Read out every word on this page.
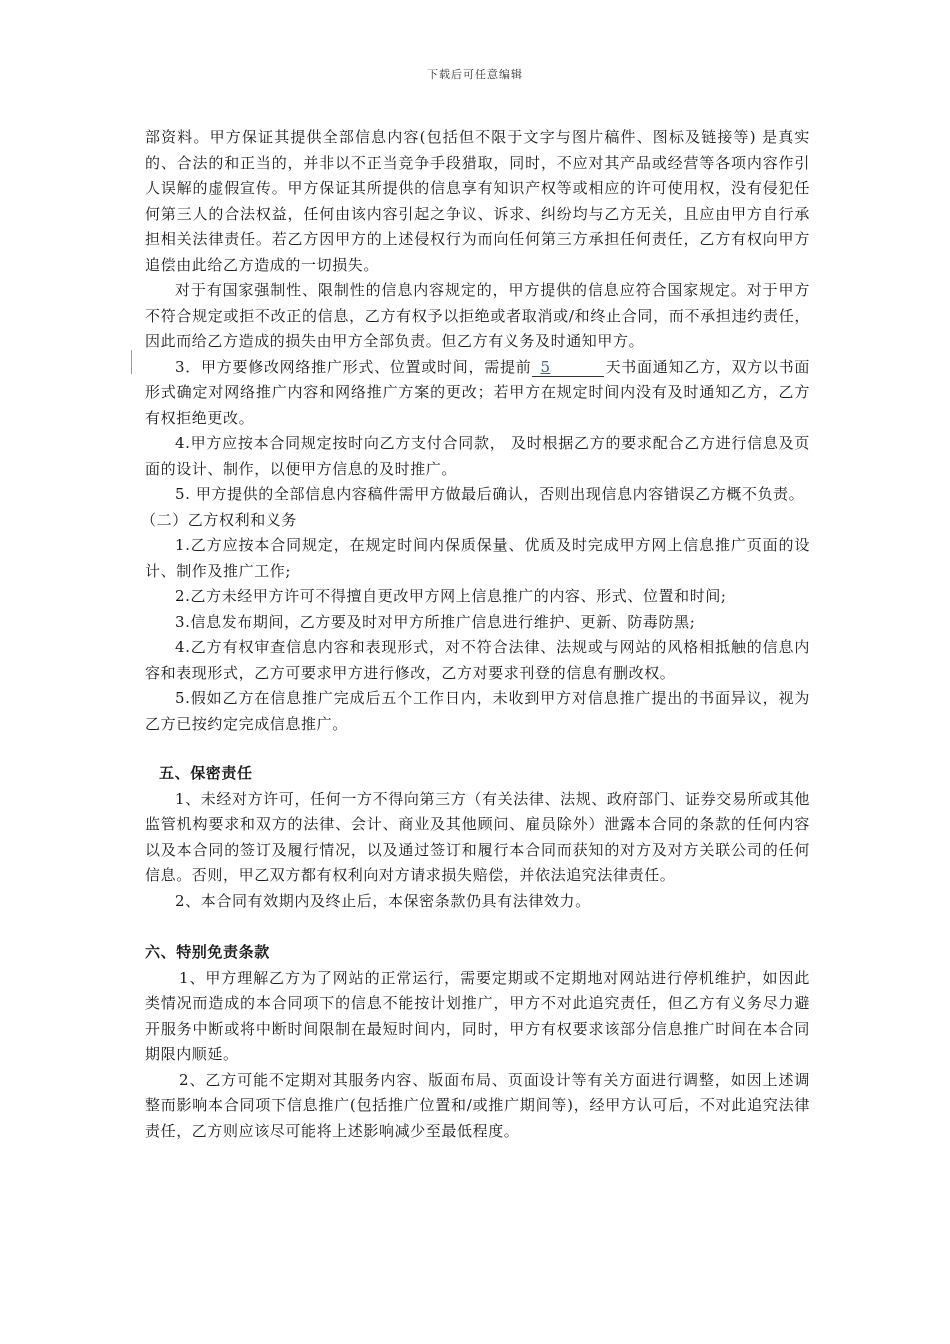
下载后可任意编辑

部资料。甲方保证其提供全部信息内容(包括但不限于文字与图片稿件、图标及链接等) 是真实的、合法的和正当的，并非以不正当竞争手段猎取，同时，不应对其产品或经营等各项内容作引人误解的虚假宣传。甲方保证其所提供的信息享有知识产权等或相应的许可使用权，没有侵犯任何第三人的合法权益，任何由该内容引起之争议、诉求、纠纷均与乙方无关，且应由甲方自行承担相关法律责任。若乙方因甲方的上述侵权行为而向任何第三方承担任何责任，乙方有权向甲方追偿由此给乙方造成的一切损失。

对于有国家强制性、限制性的信息内容规定的，甲方提供的信息应符合国家规定。对于甲方不符合规定或拒不改正的信息，乙方有权予以拒绝或者取消或/和终止合同，而不承担违约责任，因此而给乙方造成的损失由甲方全部负责。但乙方有义务及时通知甲方。

3．甲方要修改网络推广形式、位置或时间，需提前 5	天书面通知乙方，双方以书面形式确定对网络推广内容和网络推广方案的更改；若甲方在规定时间内没有及时通知乙方，乙方有权拒绝更改。

4.甲方应按本合同规定按时向乙方支付合同款， 及时根据乙方的要求配合乙方进行信息及页面的设计、制作，以便甲方信息的及时推广。

5. 甲方提供的全部信息内容稿件需甲方做最后确认，否则出现信息内容错误乙方概不负责。

（二）乙方权利和义务

1.乙方应按本合同规定，在规定时间内保质保量、优质及时完成甲方网上信息推广页面的设计、制作及推广工作;

2.乙方未经甲方许可不得擅自更改甲方网上信息推广的内容、形式、位置和时间;

3.信息发布期间，乙方要及时对甲方所推广信息进行维护、更新、防毒防黑;

4.乙方有权审查信息内容和表现形式，对不符合法律、法规或与网站的风格相抵触的信息内容和表现形式，乙方可要求甲方进行修改，乙方对要求刊登的信息有删改权。

5.假如乙方在信息推广完成后五个工作日内，未收到甲方对信息推广提出的书面异议，视为乙方已按约定完成信息推广。

五、保密责任

1、未经对方许可，任何一方不得向第三方（有关法律、法规、政府部门、证券交易所或其他监管机构要求和双方的法律、会计、商业及其他顾问、雇员除外）泄露本合同的条款的任何内容以及本合同的签订及履行情况，以及通过签订和履行本合同而获知的对方及对方关联公司的任何信息。否则，甲乙双方都有权利向对方请求损失赔偿，并依法追究法律责任。

2、本合同有效期内及终止后，本保密条款仍具有法律效力。

六、特别免责条款

1、甲方理解乙方为了网站的正常运行，需要定期或不定期地对网站进行停机维护，如因此类情况而造成的本合同项下的信息不能按计划推广，甲方不对此追究责任，但乙方有义务尽力避开服务中断或将中断时间限制在最短时间内，同时，甲方有权要求该部分信息推广时间在本合同期限内顺延。

2、乙方可能不定期对其服务内容、版面布局、页面设计等有关方面进行调整，如因上述调整而影响本合同项下信息推广(包括推广位置和/或推广期间等)，经甲方认可后，不对此追究法律责任，乙方则应该尽可能将上述影响减少至最低程度。
